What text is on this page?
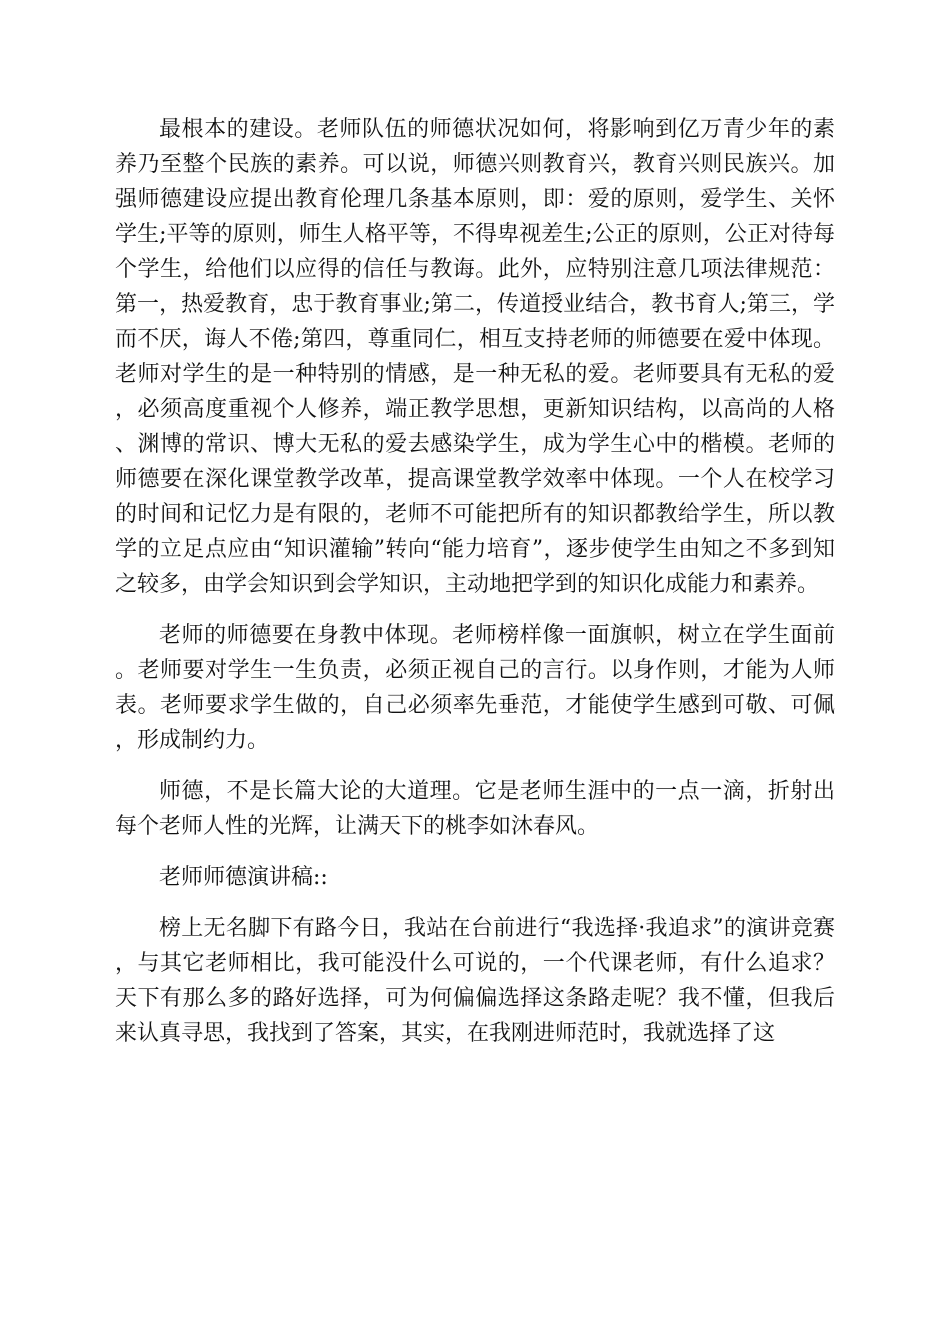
最根本的建设。老师队伍的师德状况如何，将影响到亿万青少年的素养乃至整个民族的素养。可以说，师德兴则教育兴，教育兴则民族兴。加强师德建设应提出教育伦理几条基本原则，即：爱的原则，爱学生、关怀学生;平等的原则，师生人格平等，不得卑视差生;公正的原则，公正对待每个学生，给他们以应得的信任与教诲。此外，应特别注意几项法律规范：第一，热爱教育，忠于教育事业;第二，传道授业结合，教书育人;第三，学而不厌，诲人不倦;第四，尊重同仁，相互支持老师的师德要在爱中体现。老师对学生的是一种特别的情感，是一种无私的爱。老师要具有无私的爱，必须高度重视个人修养，端正教学思想，更新知识结构，以高尚的人格、渊博的常识、博大无私的爱去感染学生，成为学生心中的楷模。老师的师德要在深化课堂教学改革，提高课堂教学效率中体现。一个人在校学习的时间和记忆力是有限的，老师不可能把所有的知识都教给学生，所以教学的立足点应由“知识灌输”转向“能力培育”，逐步使学生由知之不多到知之较多，由学会知识到会学知识，主动地把学到的知识化成能力和素养。

老师的师德要在身教中体现。老师榜样像一面旗帜，树立在学生面前。老师要对学生一生负责，必须正视自己的言行。以身作则，才能为人师表。老师要求学生做的，自己必须率先垂范，才能使学生感到可敬、可佩，形成制约力。

师德，不是长篇大论的大道理。它是老师生涯中的一点一滴，折射出每个老师人性的光辉，让满天下的桃李如沐春风。

老师师德演讲稿::

榜上无名脚下有路今日，我站在台前进行“我选择·我追求”的演讲竞赛，与其它老师相比，我可能没什么可说的，一个代课老师，有什么追求？天下有那么多的路好选择，可为何偏偏选择这条路走呢？我不懂，但我后来认真寻思，我找到了答案，其实，在我刚进师范时，我就选择了这
